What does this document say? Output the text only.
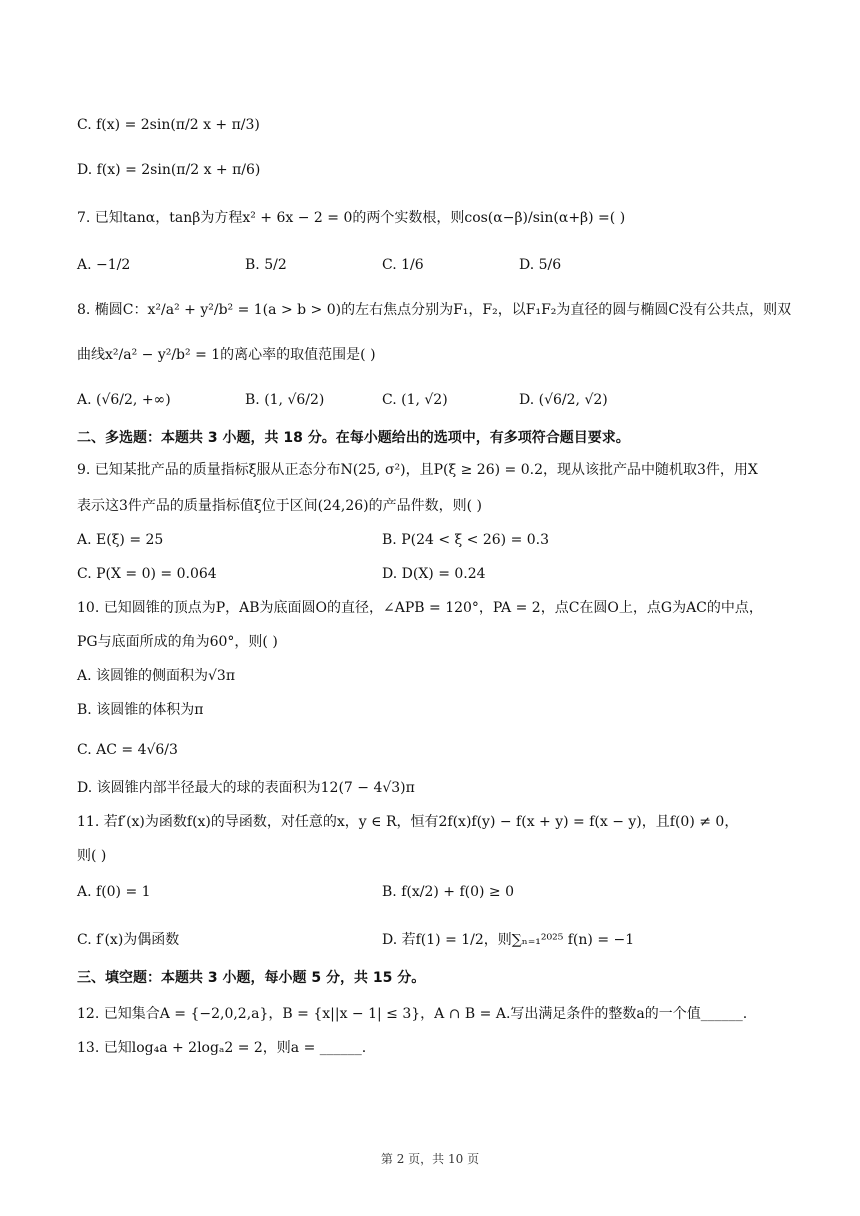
C. f(x) = 2sin(π/2 x + π/3)
D. f(x) = 2sin(π/2 x + π/6)
7. 已知tanα，tanβ为方程x² + 6x − 2 = 0的两个实数根，则cos(α−β)/sin(α+β) =( )
A. −1/2	B. 5/2	C. 1/6	D. 5/6
8. 椭圆C：x²/a² + y²/b² = 1(a > b > 0)的左右焦点分别为F₁，F₂，以F₁F₂为直径的圆与椭圆C没有公共点，则双
曲线x²/a² − y²/b² = 1的离心率的取值范围是( )
A. (√6/2, +∞)	B. (1, √6/2)	C. (1, √2)	D. (√6/2, √2)
二、多选题：本题共 3 小题，共 18 分。在每小题给出的选项中，有多项符合题目要求。
9. 已知某批产品的质量指标ξ服从正态分布N(25, σ²)，且P(ξ ≥ 26) = 0.2，现从该批产品中随机取3件，用X
表示这3件产品的质量指标值ξ位于区间(24,26)的产品件数，则( )
A. E(ξ) = 25	B. P(24 < ξ < 26) = 0.3
C. P(X = 0) = 0.064	D. D(X) = 0.24
10. 已知圆锥的顶点为P，AB为底面圆O的直径，∠APB = 120°，PA = 2，点C在圆O上，点G为AC的中点，
PG与底面所成的角为60°，则( )
A. 该圆锥的侧面积为√3π
B. 该圆锥的体积为π
C. AC = 4√6/3
D. 该圆锥内部半径最大的球的表面积为12(7 − 4√3)π
11. 若f′(x)为函数f(x)的导函数，对任意的x，y ∈ R，恒有2f(x)f(y) − f(x + y) = f(x − y)，且f(0) ≠ 0，
则( )
A. f(0) = 1	B. f(x/2) + f(0) ≥ 0
C. f′(x)为偶函数	D. 若f(1) = 1/2，则∑ₙ₌₁²⁰²⁵ f(n) = −1
三、填空题：本题共 3 小题，每小题 5 分，共 15 分。
12. 已知集合A = {−2,0,2,a}，B = {x||x − 1| ≤ 3}，A ∩ B = A.写出满足条件的整数a的一个值______.
13. 已知log₄a + 2logₐ2 = 2，则a = ______.
第 2 页，共 10 页
